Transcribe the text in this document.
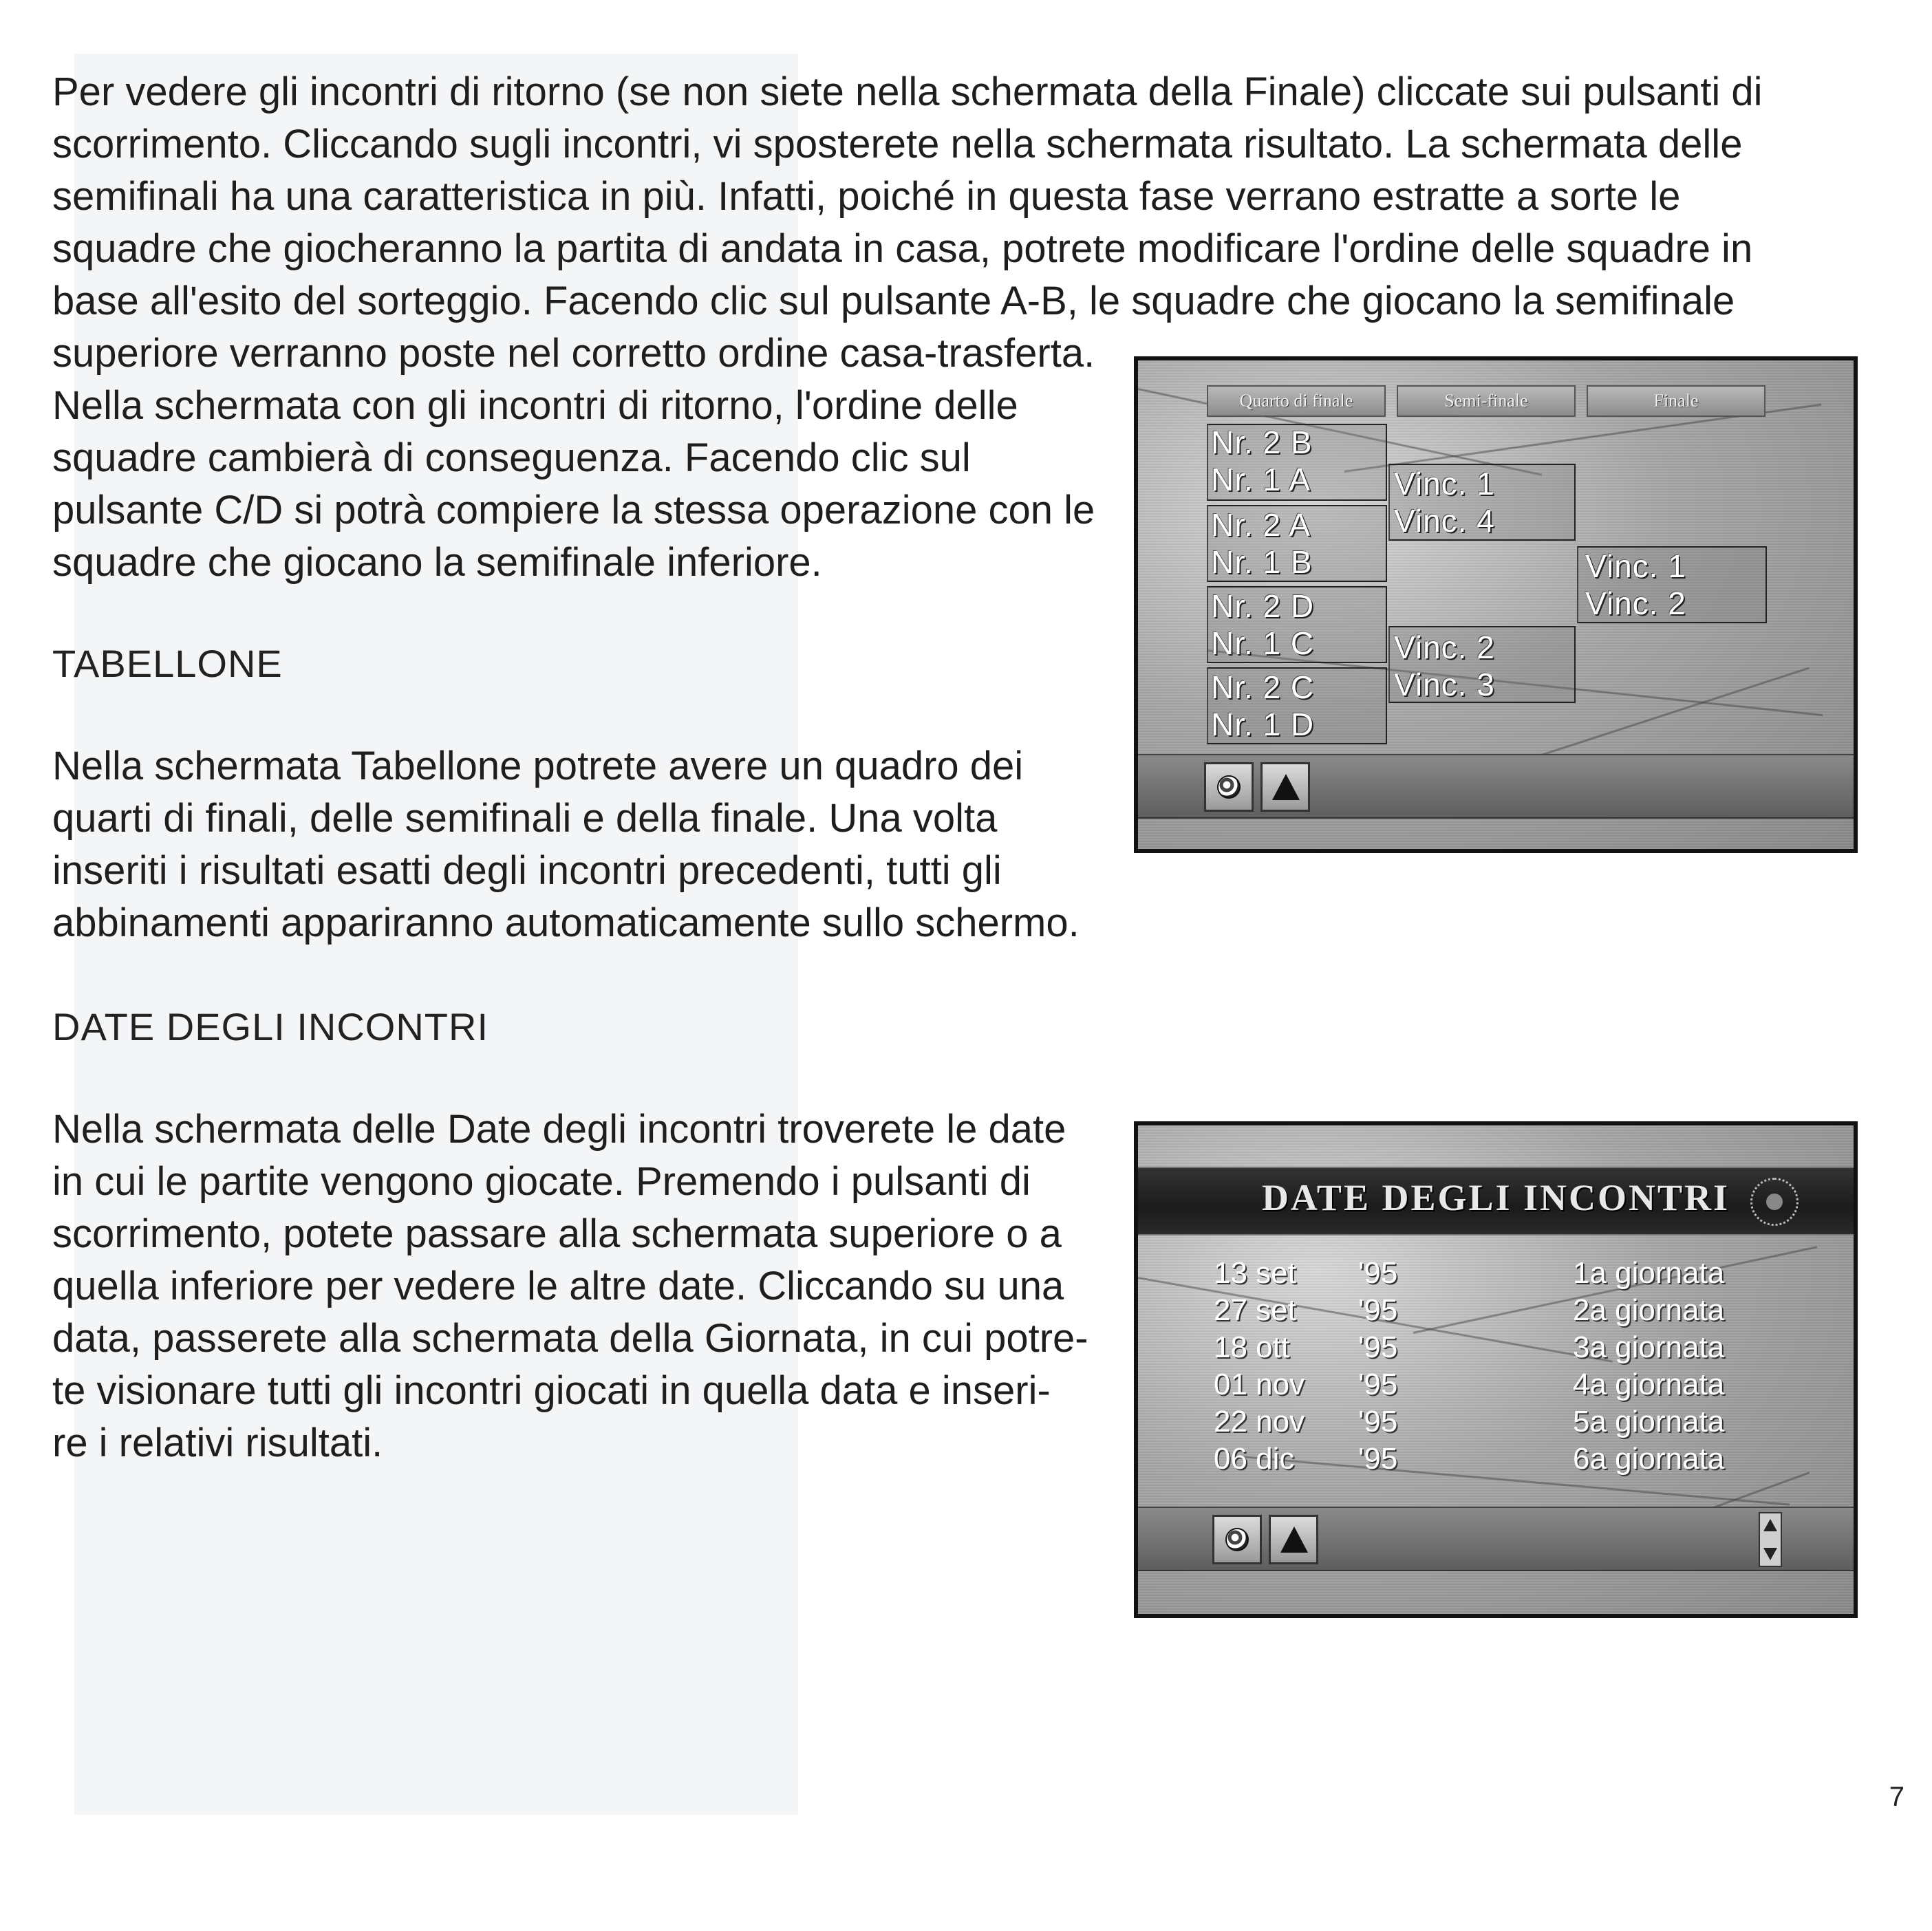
Per vedere gli incontri di ritorno (se non siete nella schermata della Finale) cliccate sui pulsanti di
scorrimento. Cliccando sugli incontri, vi sposterete nella schermata risultato. La schermata delle
semifinali ha una caratteristica in più. Infatti, poiché in questa fase verrano estratte a sorte le
squadre che giocheranno la partita di andata in casa, potrete modificare l'ordine delle squadre in
base all'esito del sorteggio. Facendo clic sul pulsante A-B, le squadre che giocano la semifinale
superiore verranno poste nel corretto ordine casa-trasferta.

Nella schermata con gli incontri di ritorno, l'ordine delle
squadre cambierà di conseguenza. Facendo clic sul
pulsante C/D si potrà compiere la stessa operazione con le
squadre che giocano la semifinale inferiore.

TABELLONE

Nella schermata Tabellone potrete avere un quadro dei
quarti di finali, delle semifinali e della finale. Una volta
inseriti i risultati esatti degli incontri precedenti, tutti gli
abbinamenti appariranno automaticamente sullo schermo.

DATE DEGLI INCONTRI

Nella schermata delle Date degli incontri troverete le date
in cui le partite vengono giocate. Premendo i pulsanti di
scorrimento, potete passare alla schermata superiore o a
quella inferiore per vedere le altre date. Cliccando su una
data, passerete alla schermata della Giornata, in cui potre-
te visionare tutti gli incontri giocati in quella data e inseri-
re i relativi risultati.

Quarto di finale	Semi-finale	Finale
Nr. 2 B
Nr. 1 A
Nr. 2 A
Nr. 1 B
Nr. 2 D
Nr. 1 C
Nr. 2 C
Nr. 1 D
Vinc. 1
Vinc. 4
Vinc. 2
Vinc. 3
Vinc. 1
Vinc. 2
DATE DEGLI INCONTRI
13 set '95	1a giornata
27 set '95	2a giornata
18 ott '95	3a giornata
01 nov '95	4a giornata
22 nov '95	5a giornata
06 dic '95	6a giornata
7
